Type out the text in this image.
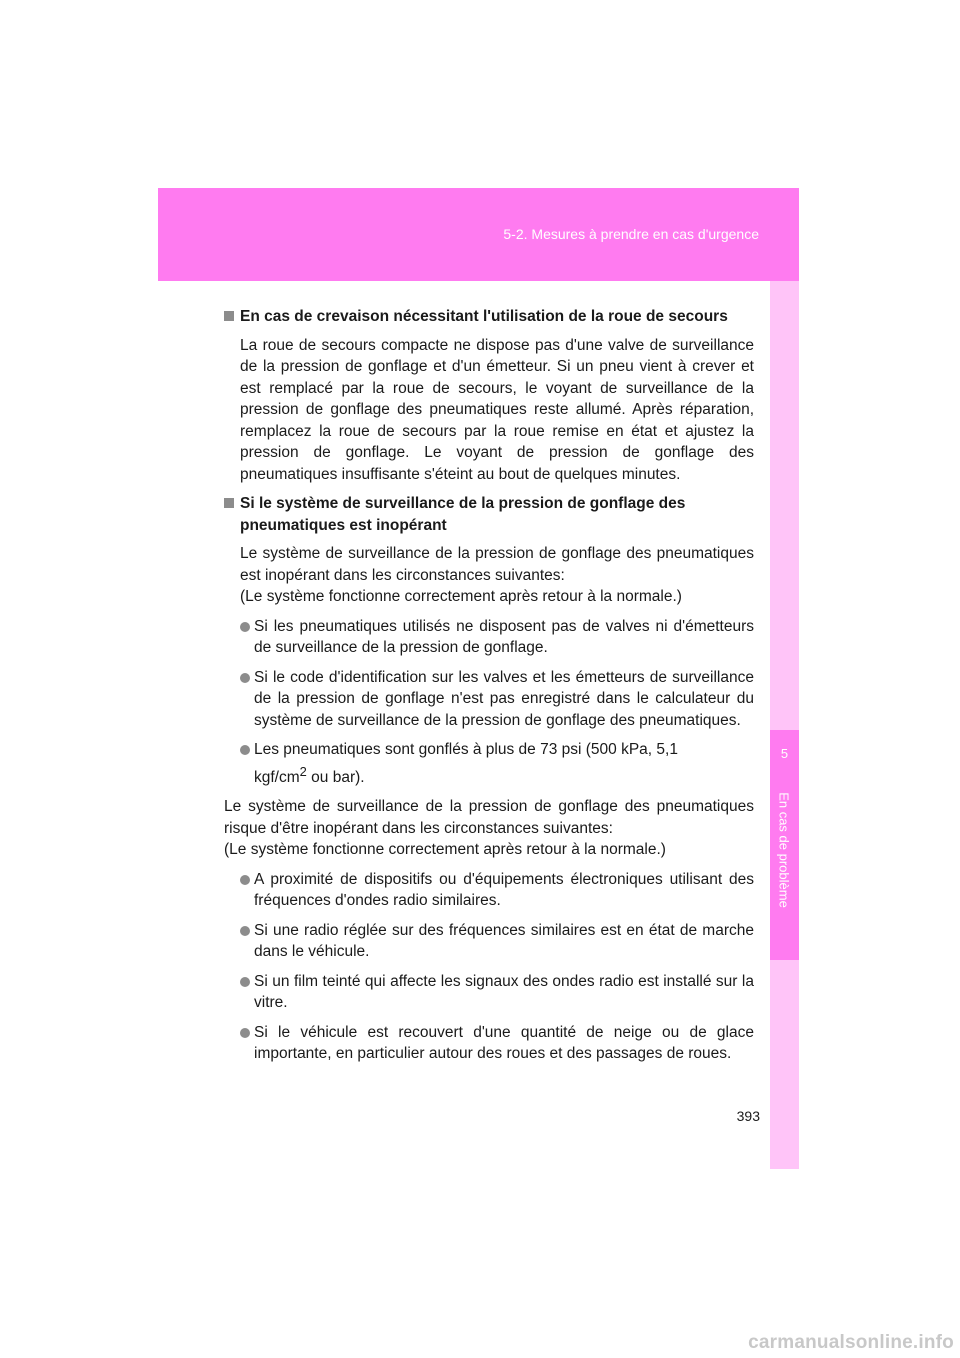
5-2. Mesures à prendre en cas d'urgence
5
En cas de problème
En cas de crevaison nécessitant l'utilisation de la roue de secours
La roue de secours compacte ne dispose pas d'une valve de surveillance de la pression de gonflage et d'un émetteur. Si un pneu vient à crever et est remplacé par la roue de secours, le voyant de surveillance de la pression de gonflage des pneumatiques reste allumé. Après réparation, remplacez la roue de secours par la roue remise en état et ajustez la pression de gonflage. Le voyant de pression de gonflage des pneumatiques insuffisante s'éteint au bout de quelques minutes.
Si le système de surveillance de la pression de gonflage des pneumatiques est inopérant
Le système de surveillance de la pression de gonflage des pneumatiques est inopérant dans les circonstances suivantes:
(Le système fonctionne correctement après retour à la normale.)
Si les pneumatiques utilisés ne disposent pas de valves ni d'émetteurs de surveillance de la pression de gonflage.
Si le code d'identification sur les valves et les émetteurs de surveillance de la pression de gonflage n'est pas enregistré dans le calculateur du système de surveillance de la pression de gonflage des pneumatiques.
Les pneumatiques sont gonflés à plus de 73 psi (500 kPa, 5,1 kgf/$cm^2$ ou bar).
Le système de surveillance de la pression de gonflage des pneumatiques risque d'être inopérant dans les circonstances suivantes:
(Le système fonctionne correctement après retour à la normale.)
A proximité de dispositifs ou d'équipements électroniques utilisant des fréquences d'ondes radio similaires.
Si une radio réglée sur des fréquences similaires est en état de marche dans le véhicule.
Si un film teinté qui affecte les signaux des ondes radio est installé sur la vitre.
Si le véhicule est recouvert d'une quantité de neige ou de glace importante, en particulier autour des roues et des passages de roues.
393
carmanualsonline.info
